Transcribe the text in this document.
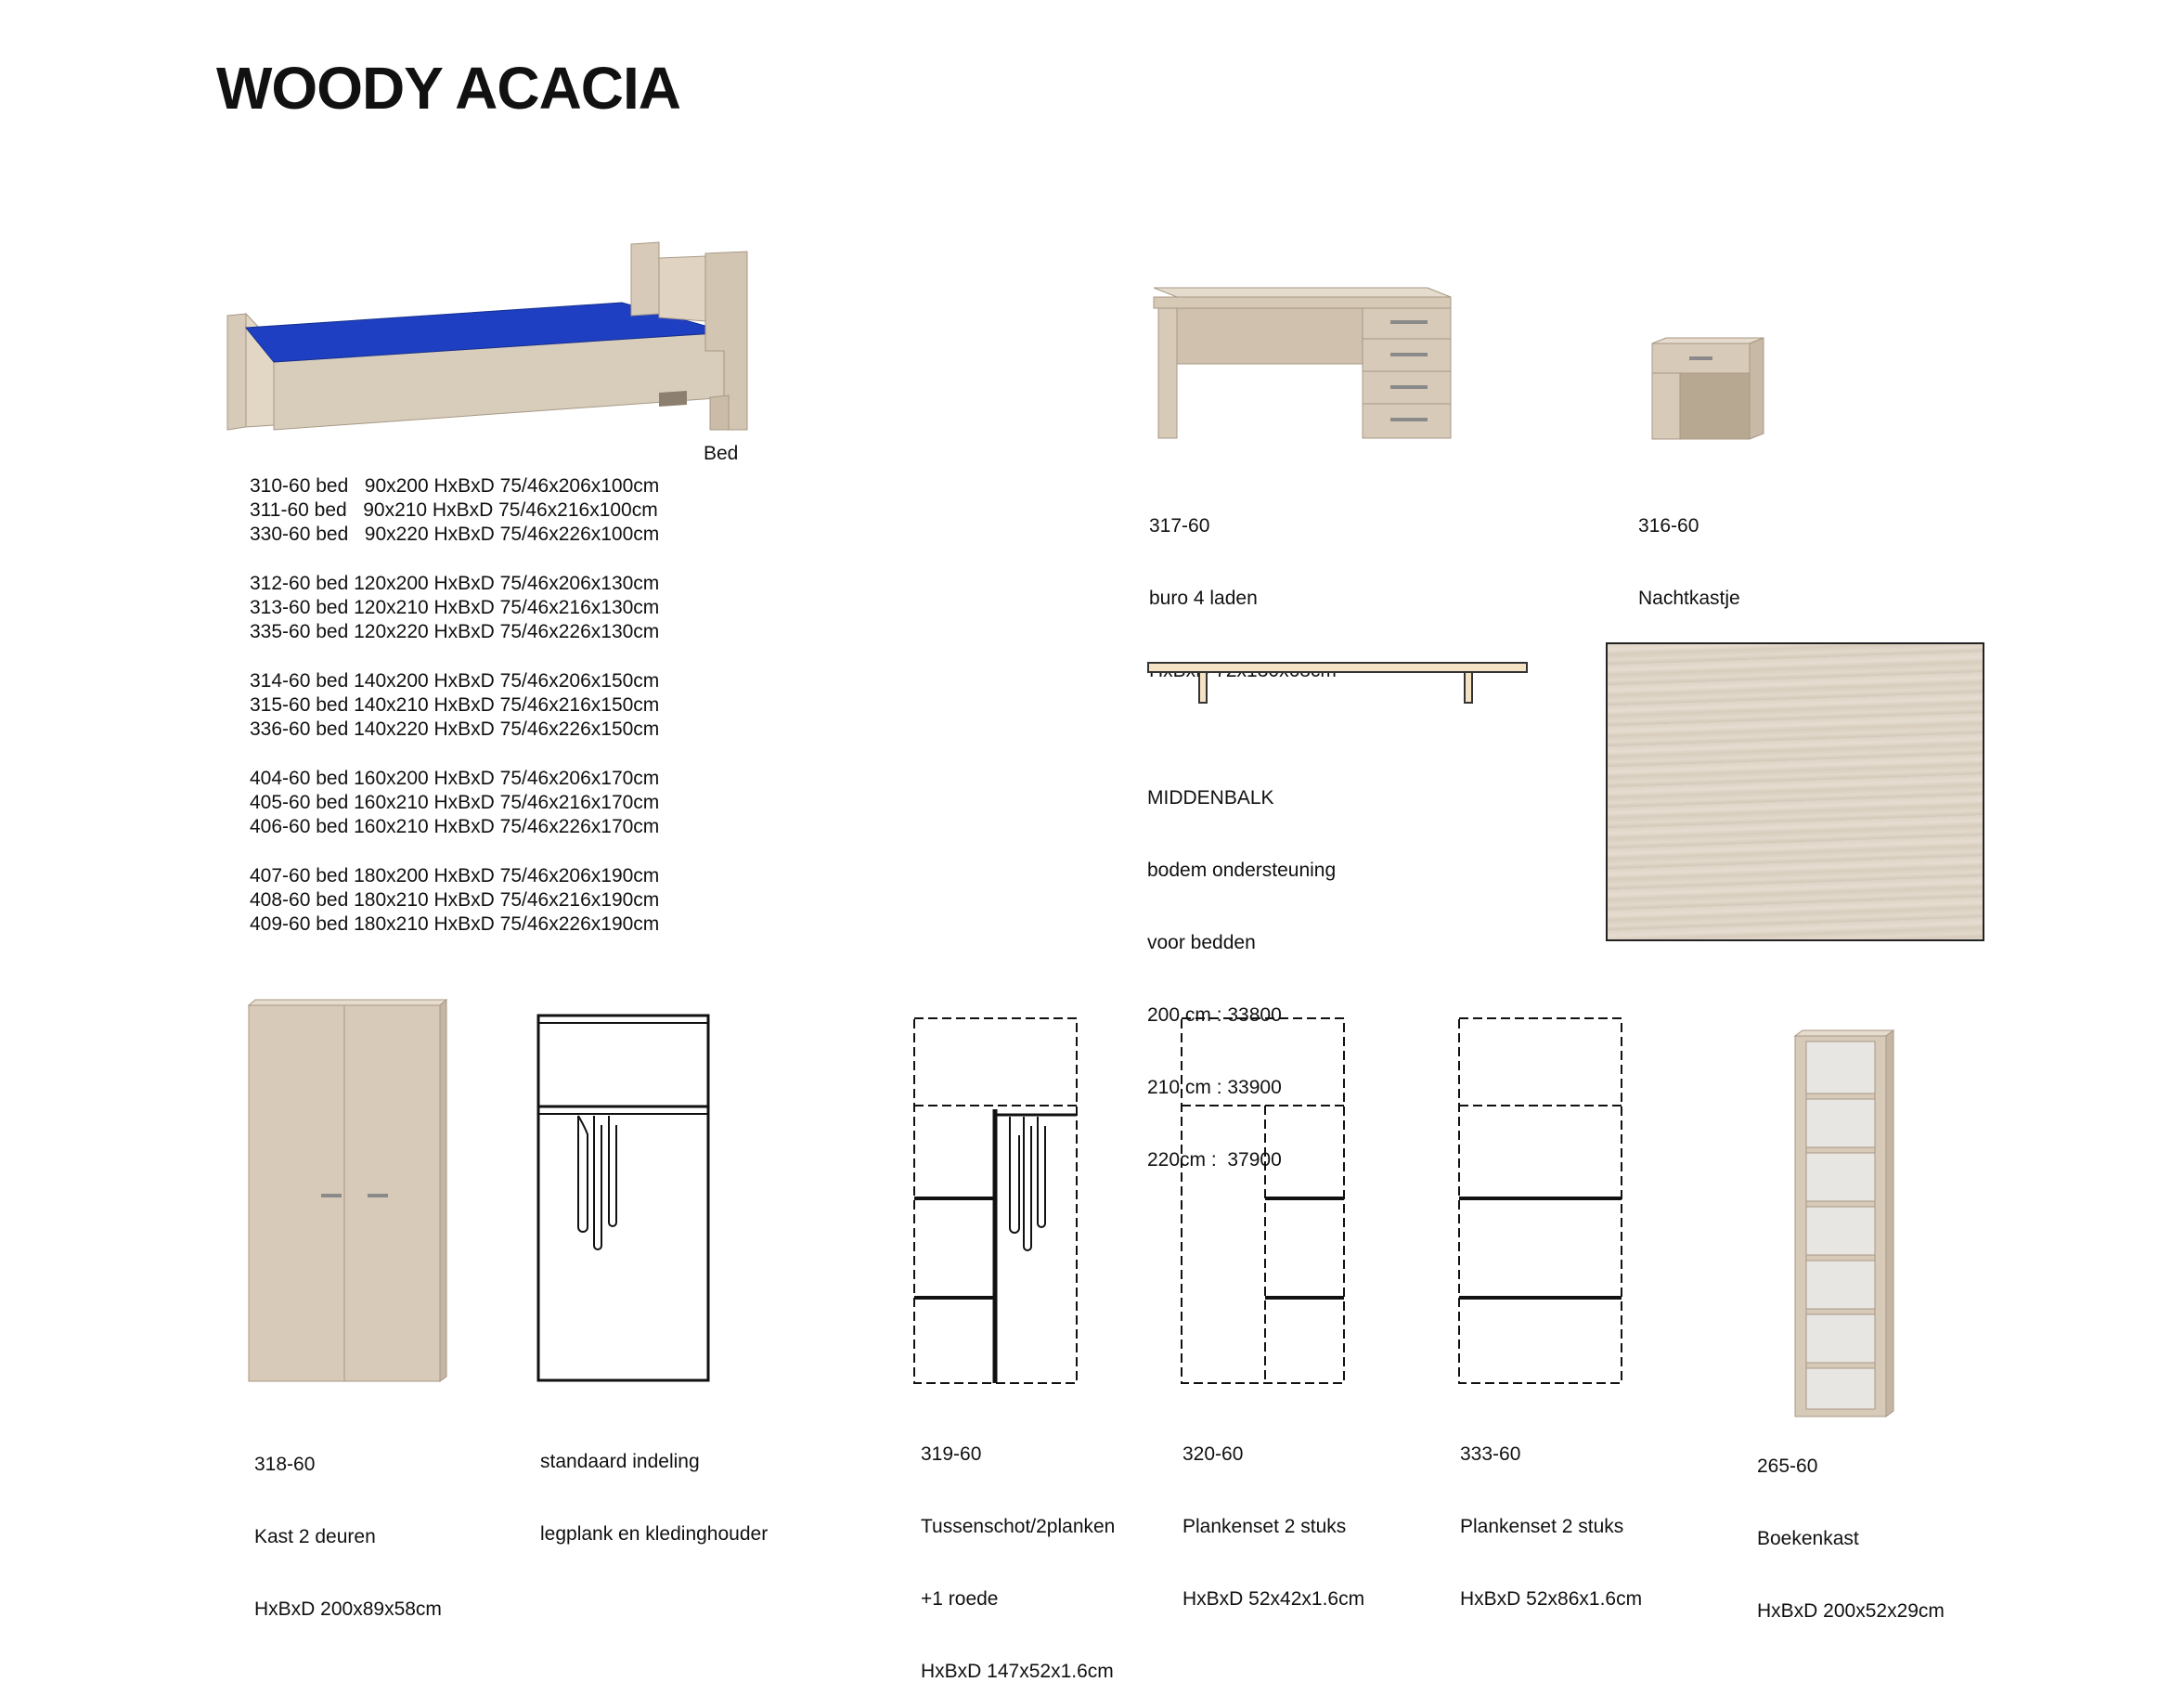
WOODY ACACIA
Bed
310-60 bed   90x200 HxBxD 75/46x206x100cm
311-60 bed   90x210 HxBxD 75/46x216x100cm
330-60 bed   90x220 HxBxD 75/46x226x100cm
312-60 bed 120x200 HxBxD 75/46x206x130cm
313-60 bed 120x210 HxBxD 75/46x216x130cm
335-60 bed 120x220 HxBxD 75/46x226x130cm
314-60 bed 140x200 HxBxD 75/46x206x150cm
315-60 bed 140x210 HxBxD 75/46x216x150cm
336-60 bed 140x220 HxBxD 75/46x226x150cm
404-60 bed 160x200 HxBxD 75/46x206x170cm
405-60 bed 160x210 HxBxD 75/46x216x170cm
406-60 bed 160x210 HxBxD 75/46x226x170cm
407-60 bed 180x200 HxBxD 75/46x206x190cm
408-60 bed 180x210 HxBxD 75/46x216x190cm
409-60 bed 180x210 HxBxD 75/46x226x190cm

317-60

buro 4 laden

316-60

Nachtkastje

MIDDENBALK

bodem ondersteuning

voor bedden

200 cm : 33800

210 cm : 33900

220cm :  37900

318-60

Kast 2 deuren

HxBxD 200x89x58cm

standaard indeling

legplank en kledinghouder

319-60

Tussenschot/2planken

+1 roede

HxBxD 147x52x1.6cm

320-60

Plankenset 2 stuks

HxBxD 52x42x1.6cm

333-60

Plankenset 2 stuks

HxBxD 52x86x1.6cm

265-60

Boekenkast

HxBxD 200x52x29cm
